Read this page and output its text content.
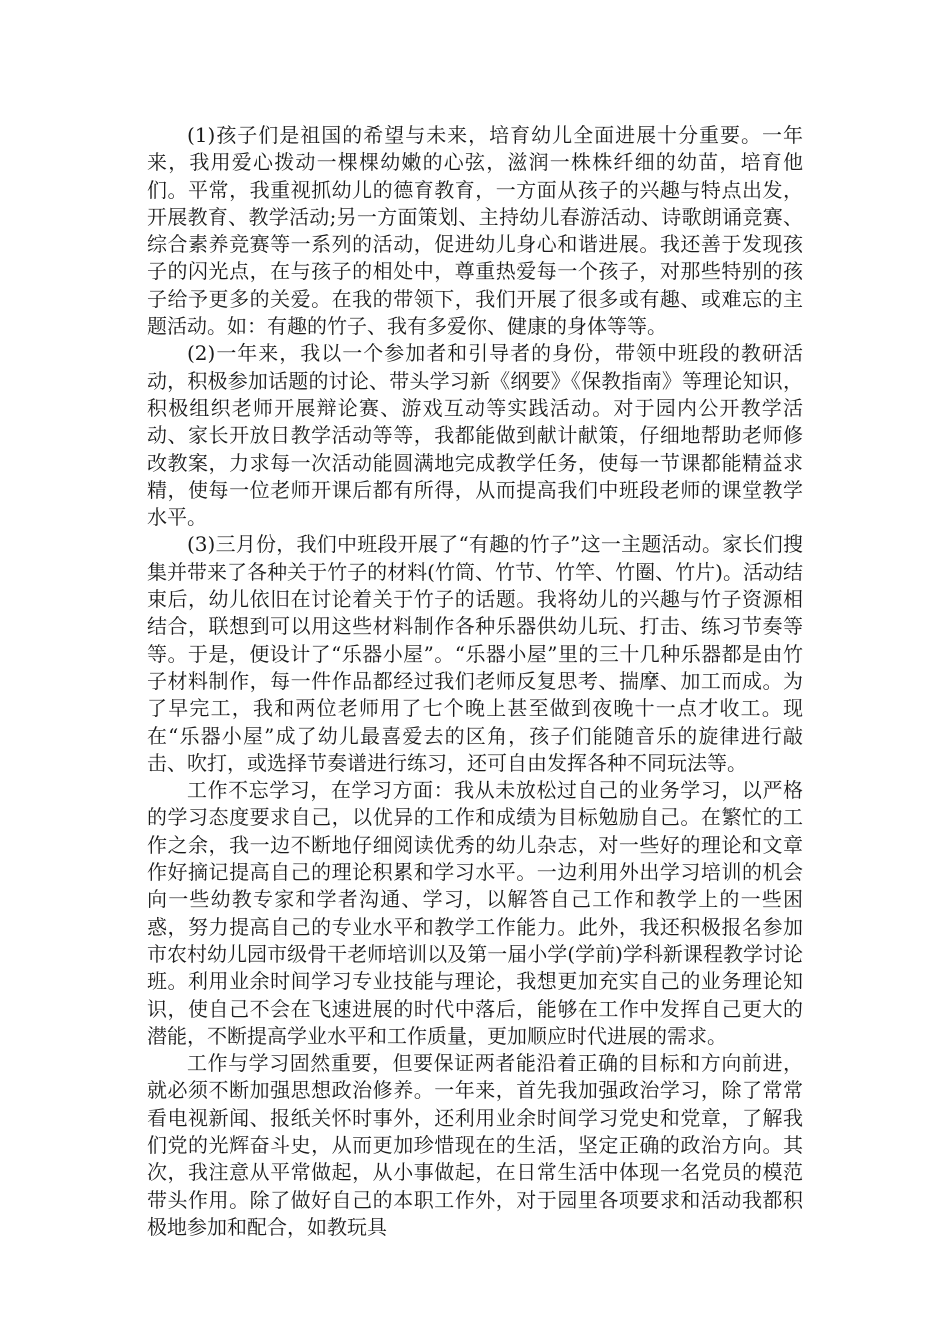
(1)孩子们是祖国的希望与未来，培育幼儿全面进展十分重要。一年来，我用爱心拨动一棵棵幼嫩的心弦，滋润一株株纤细的幼苗，培育他们。平常，我重视抓幼儿的德育教育，一方面从孩子的兴趣与特点出发，开展教育、教学活动;另一方面策划、主持幼儿春游活动、诗歌朗诵竞赛、综合素养竞赛等一系列的活动，促进幼儿身心和谐进展。我还善于发现孩子的闪光点，在与孩子的相处中，尊重热爱每一个孩子，对那些特别的孩子给予更多的关爱。在我的带领下，我们开展了很多或有趣、或难忘的主题活动。如：有趣的竹子、我有多爱你、健康的身体等等。

(2)一年来，我以一个参加者和引导者的身份，带领中班段的教研活动，积极参加话题的讨论、带头学习新《纲要》《保教指南》等理论知识，积极组织老师开展辩论赛、游戏互动等实践活动。对于园内公开教学活动、家长开放日教学活动等等，我都能做到献计献策，仔细地帮助老师修改教案，力求每一次活动能圆满地完成教学任务，使每一节课都能精益求精，使每一位老师开课后都有所得，从而提高我们中班段老师的课堂教学水平。

(3)三月份，我们中班段开展了“有趣的竹子”这一主题活动。家长们搜集并带来了各种关于竹子的材料(竹筒、竹节、竹竿、竹圈、竹片)。活动结束后，幼儿依旧在讨论着关于竹子的话题。我将幼儿的兴趣与竹子资源相结合，联想到可以用这些材料制作各种乐器供幼儿玩、打击、练习节奏等等。于是，便设计了“乐器小屋”。“乐器小屋”里的三十几种乐器都是由竹子材料制作，每一件作品都经过我们老师反复思考、揣摩、加工而成。为了早完工，我和两位老师用了七个晚上甚至做到夜晚十一点才收工。现在“乐器小屋”成了幼儿最喜爱去的区角，孩子们能随音乐的旋律进行敲击、吹打，或选择节奏谱进行练习，还可自由发挥各种不同玩法等。

工作不忘学习，在学习方面：我从未放松过自己的业务学习，以严格的学习态度要求自己，以优异的工作和成绩为目标勉励自己。在繁忙的工作之余，我一边不断地仔细阅读优秀的幼儿杂志，对一些好的理论和文章作好摘记提高自己的理论积累和学习水平。一边利用外出学习培训的机会向一些幼教专家和学者沟通、学习，以解答自己工作和教学上的一些困惑，努力提高自己的专业水平和教学工作能力。此外，我还积极报名参加市农村幼儿园市级骨干老师培训以及第一届小学(学前)学科新课程教学讨论班。利用业余时间学习专业技能与理论，我想更加充实自己的业务理论知识，使自己不会在飞速进展的时代中落后，能够在工作中发挥自己更大的潜能，不断提高学业水平和工作质量，更加顺应时代进展的需求。

工作与学习固然重要，但要保证两者能沿着正确的目标和方向前进，就必须不断加强思想政治修养。一年来，首先我加强政治学习，除了常常看电视新闻、报纸关怀时事外，还利用业余时间学习党史和党章，了解我们党的光辉奋斗史，从而更加珍惜现在的生活，坚定正确的政治方向。其次，我注意从平常做起，从小事做起，在日常生活中体现一名党员的模范带头作用。除了做好自己的本职工作外，对于园里各项要求和活动我都积极地参加和配合，如教玩具
